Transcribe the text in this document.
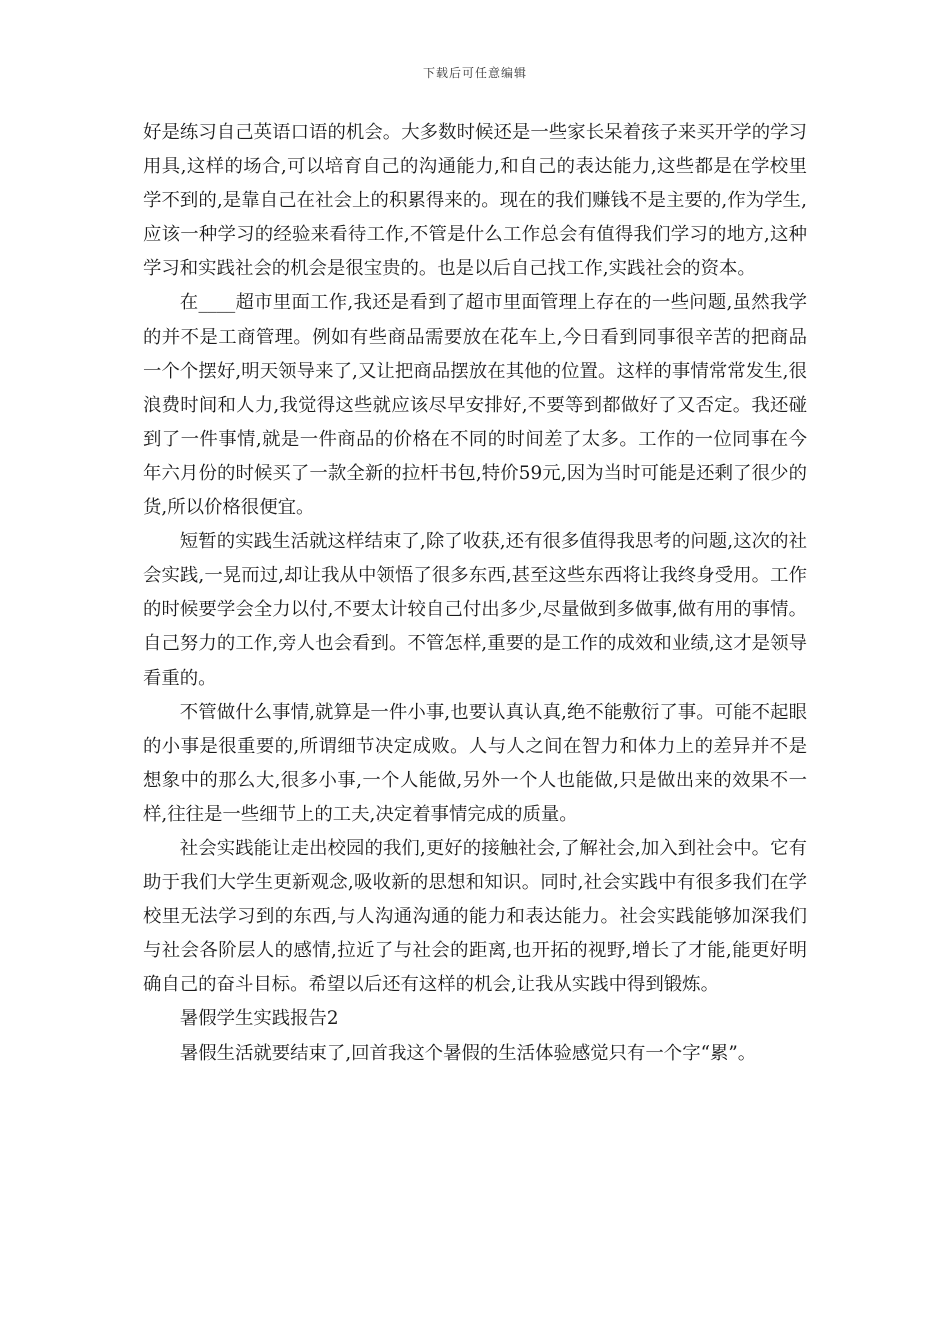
下载后可任意编辑

好是练习自己英语口语的机会。大多数时候还是一些家长呆着孩子来买开学的学习用具,这样的场合,可以培育自己的沟通能力,和自己的表达能力,这些都是在学校里学不到的,是靠自己在社会上的积累得来的。现在的我们赚钱不是主要的,作为学生,应该一种学习的经验来看待工作,不管是什么工作总会有值得我们学习的地方,这种学习和实践社会的机会是很宝贵的。也是以后自己找工作,实践社会的资本。

在____超市里面工作,我还是看到了超市里面管理上存在的一些问题,虽然我学的并不是工商管理。例如有些商品需要放在花车上,今日看到同事很辛苦的把商品一个个摆好,明天领导来了,又让把商品摆放在其他的位置。这样的事情常常发生,很浪费时间和人力,我觉得这些就应该尽早安排好,不要等到都做好了又否定。我还碰到了一件事情,就是一件商品的价格在不同的时间差了太多。工作的一位同事在今年六月份的时候买了一款全新的拉杆书包,特价59元,因为当时可能是还剩了很少的货,所以价格很便宜。

短暂的实践生活就这样结束了,除了收获,还有很多值得我思考的问题,这次的社会实践,一晃而过,却让我从中领悟了很多东西,甚至这些东西将让我终身受用。工作的时候要学会全力以付,不要太计较自己付出多少,尽量做到多做事,做有用的事情。自己努力的工作,旁人也会看到。不管怎样,重要的是工作的成效和业绩,这才是领导看重的。

不管做什么事情,就算是一件小事,也要认真认真,绝不能敷衍了事。可能不起眼的小事是很重要的,所谓细节决定成败。人与人之间在智力和体力上的差异并不是想象中的那么大,很多小事,一个人能做,另外一个人也能做,只是做出来的效果不一样,往往是一些细节上的工夫,决定着事情完成的质量。

社会实践能让走出校园的我们,更好的接触社会,了解社会,加入到社会中。它有助于我们大学生更新观念,吸收新的思想和知识。同时,社会实践中有很多我们在学校里无法学习到的东西,与人沟通沟通的能力和表达能力。社会实践能够加深我们与社会各阶层人的感情,拉近了与社会的距离,也开拓的视野,增长了才能,能更好明确自己的奋斗目标。希望以后还有这样的机会,让我从实践中得到锻炼。

暑假学生实践报告2

暑假生活就要结束了,回首我这个暑假的生活体验感觉只有一个字“累”。
